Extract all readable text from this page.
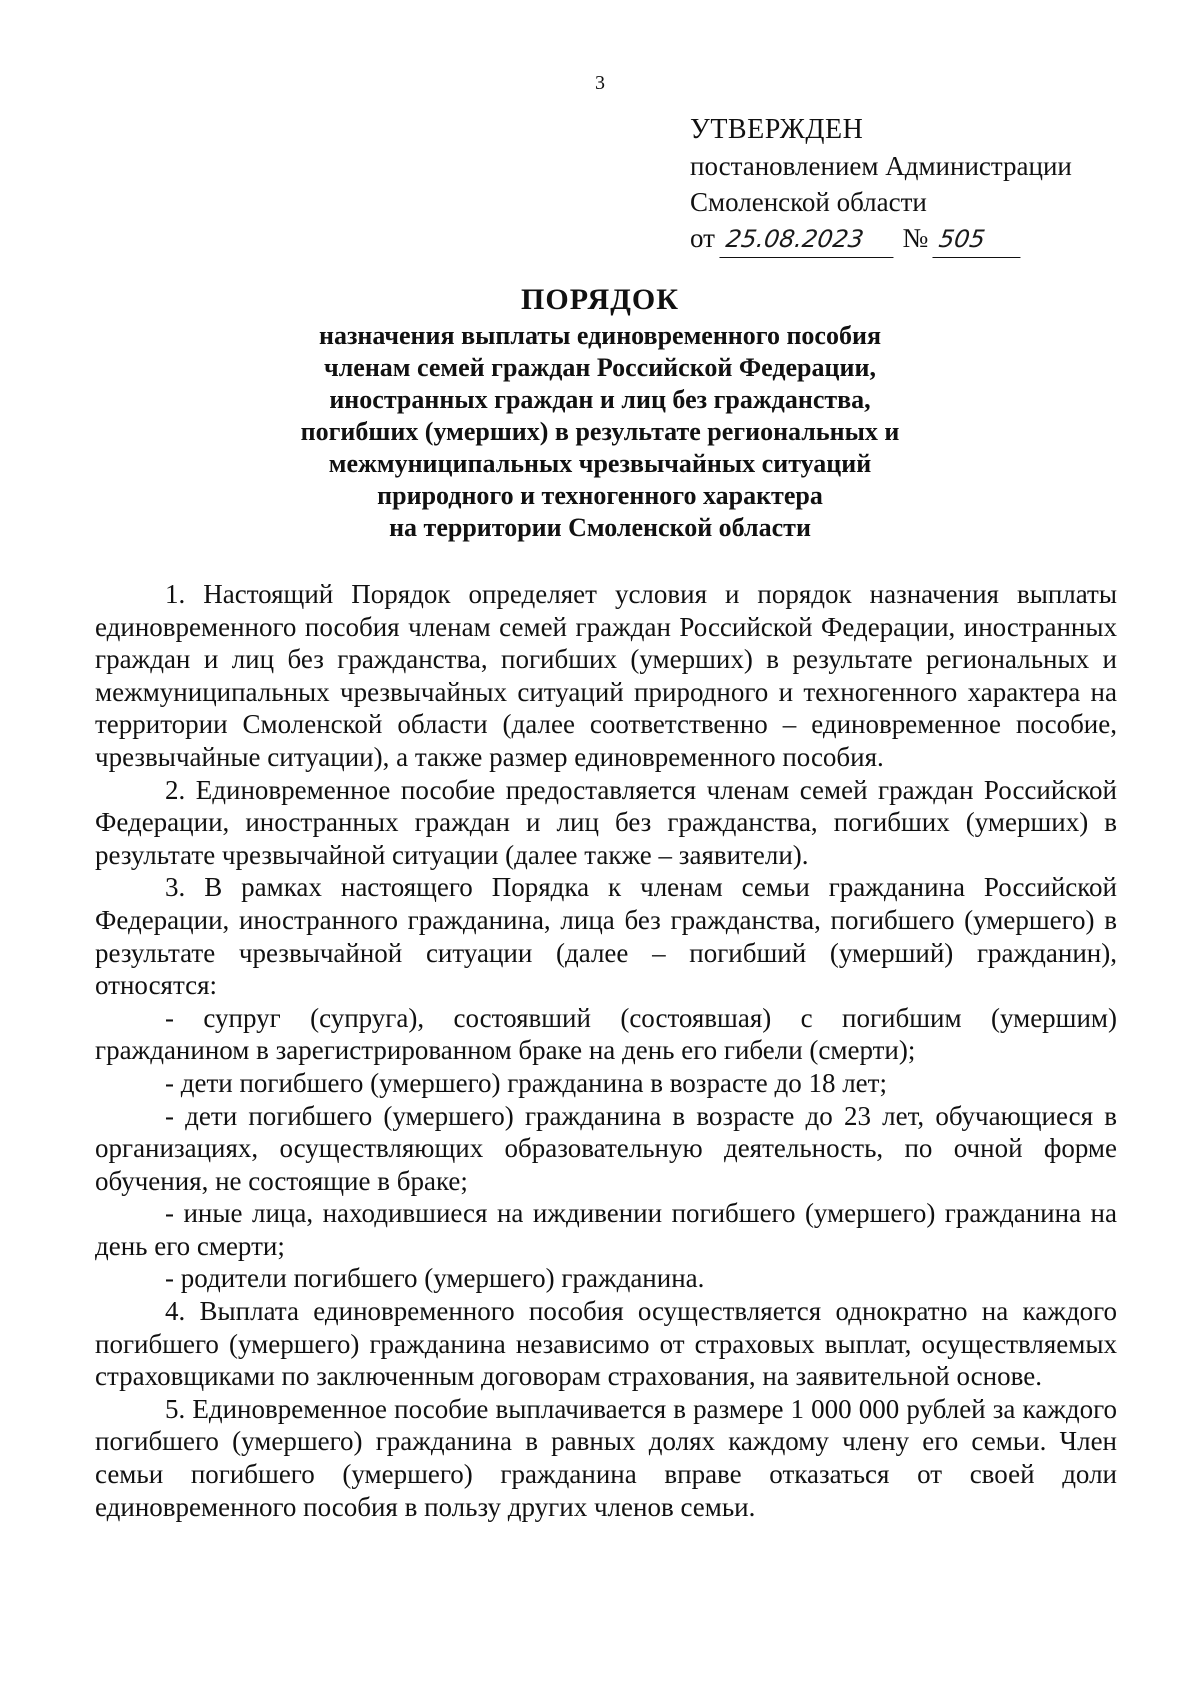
3
УТВЕРЖДЕН
постановлением Администрации
Смоленской области
от 25.08.2023 № 505
ПОРЯДОК
назначения выплаты единовременного пособия
членам семей граждан Российской Федерации,
иностранных граждан и лиц без гражданства,
погибших (умерших) в результате региональных и
межмуниципальных чрезвычайных ситуаций
природного и техногенного характера
на территории Смоленской области

1. Настоящий Порядок определяет условия и порядок назначения выплаты единовременного пособия членам семей граждан Российской Федерации, иностранных граждан и лиц без гражданства, погибших (умерших) в результате региональных и межмуниципальных чрезвычайных ситуаций природного и техногенного характера на территории Смоленской области (далее соответственно – единовременное пособие, чрезвычайные ситуации), а также размер единовременного пособия.

2. Единовременное пособие предоставляется членам семей граждан Российской Федерации, иностранных граждан и лиц без гражданства, погибших (умерших) в результате чрезвычайной ситуации (далее также – заявители).

3. В рамках настоящего Порядка к членам семьи гражданина Российской Федерации, иностранного гражданина, лица без гражданства, погибшего (умершего) в результате чрезвычайной ситуации (далее – погибший (умерший) гражданин), относятся:

- супруг (супруга), состоявший (состоявшая) с погибшим (умершим) гражданином в зарегистрированном браке на день его гибели (смерти);

- дети погибшего (умершего) гражданина в возрасте до 18 лет;

- дети погибшего (умершего) гражданина в возрасте до 23 лет, обучающиеся в организациях, осуществляющих образовательную деятельность, по очной форме обучения, не состоящие в браке;

- иные лица, находившиеся на иждивении погибшего (умершего) гражданина на день его смерти;

- родители погибшего (умершего) гражданина.

4. Выплата единовременного пособия осуществляется однократно на каждого погибшего (умершего) гражданина независимо от страховых выплат, осуществляемых страховщиками по заключенным договорам страхования, на заявительной основе.

5. Единовременное пособие выплачивается в размере 1 000 000 рублей за каждого погибшего (умершего) гражданина в равных долях каждому члену его семьи. Член семьи погибшего (умершего) гражданина вправе отказаться от своей доли единовременного пособия в пользу других членов семьи.
